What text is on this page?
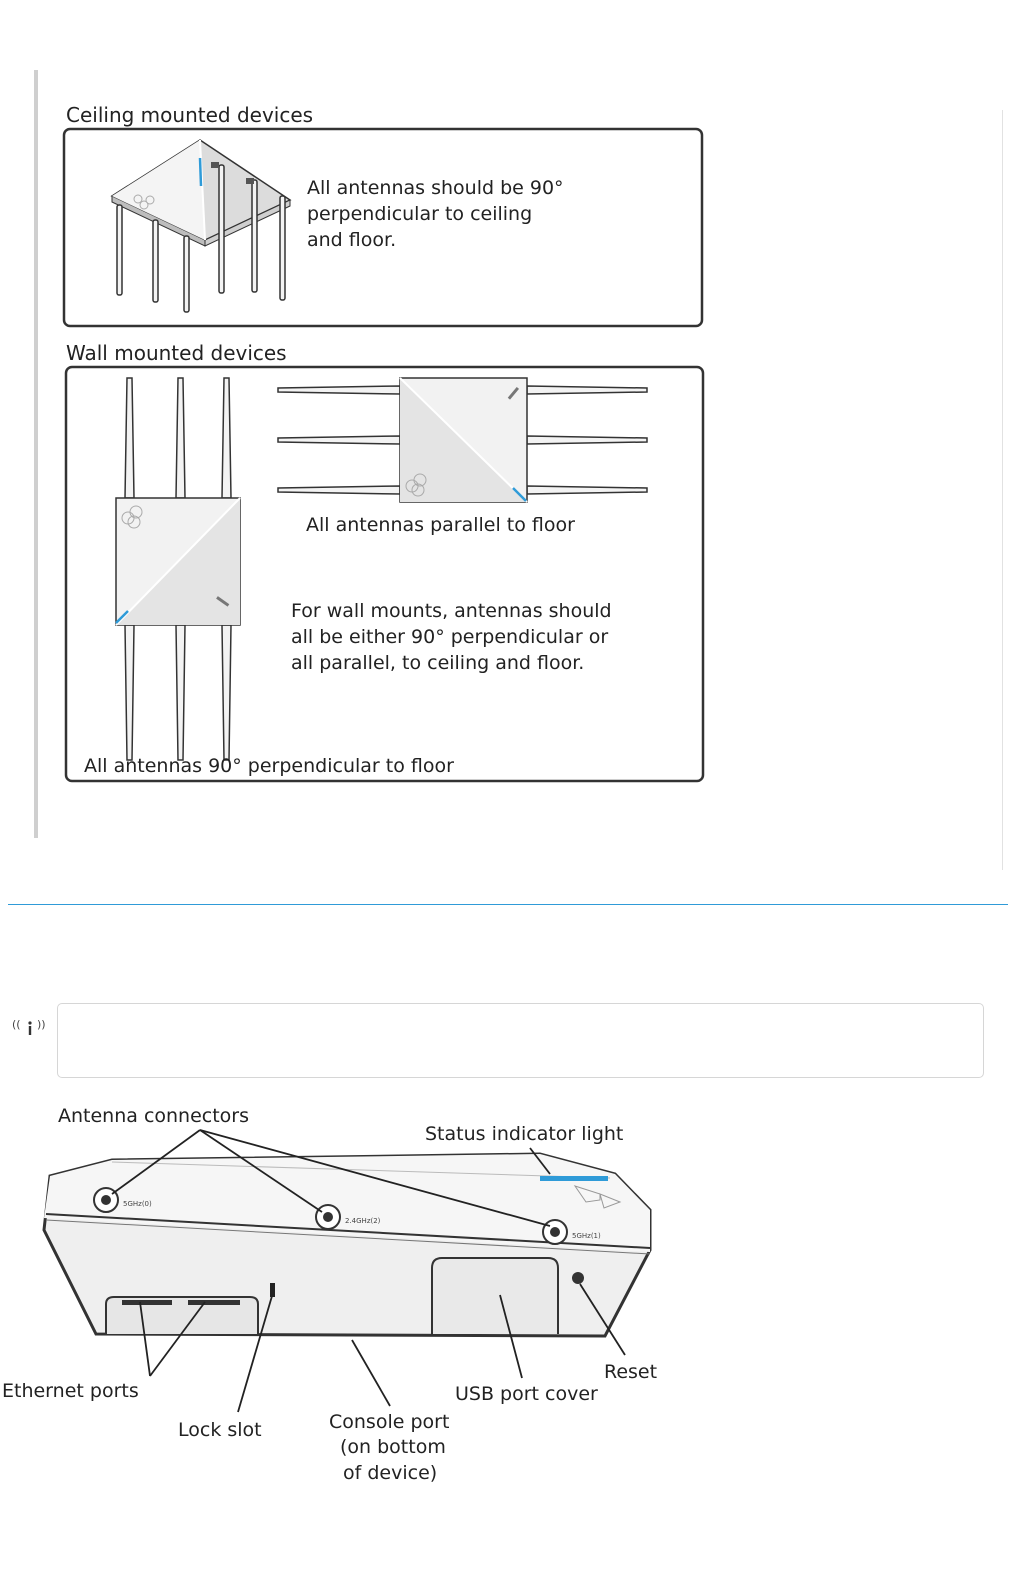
Ceiling mounted devices
All antennas should be 90°
perpendicular to ceiling
and floor.
Wall mounted devices
All antennas parallel to floor
For wall mounts, antennas should
all be either 90° perpendicular or
all parallel, to ceiling and floor.
All antennas 90° perpendicular to floor
(( ))
5GHz(0)
2.4GHz(2)
5GHz(1)
Antenna connectors
Status indicator light
Reset
Ethernet ports	USB port cover
Lock slot	Console port
(on bottom
of device)
